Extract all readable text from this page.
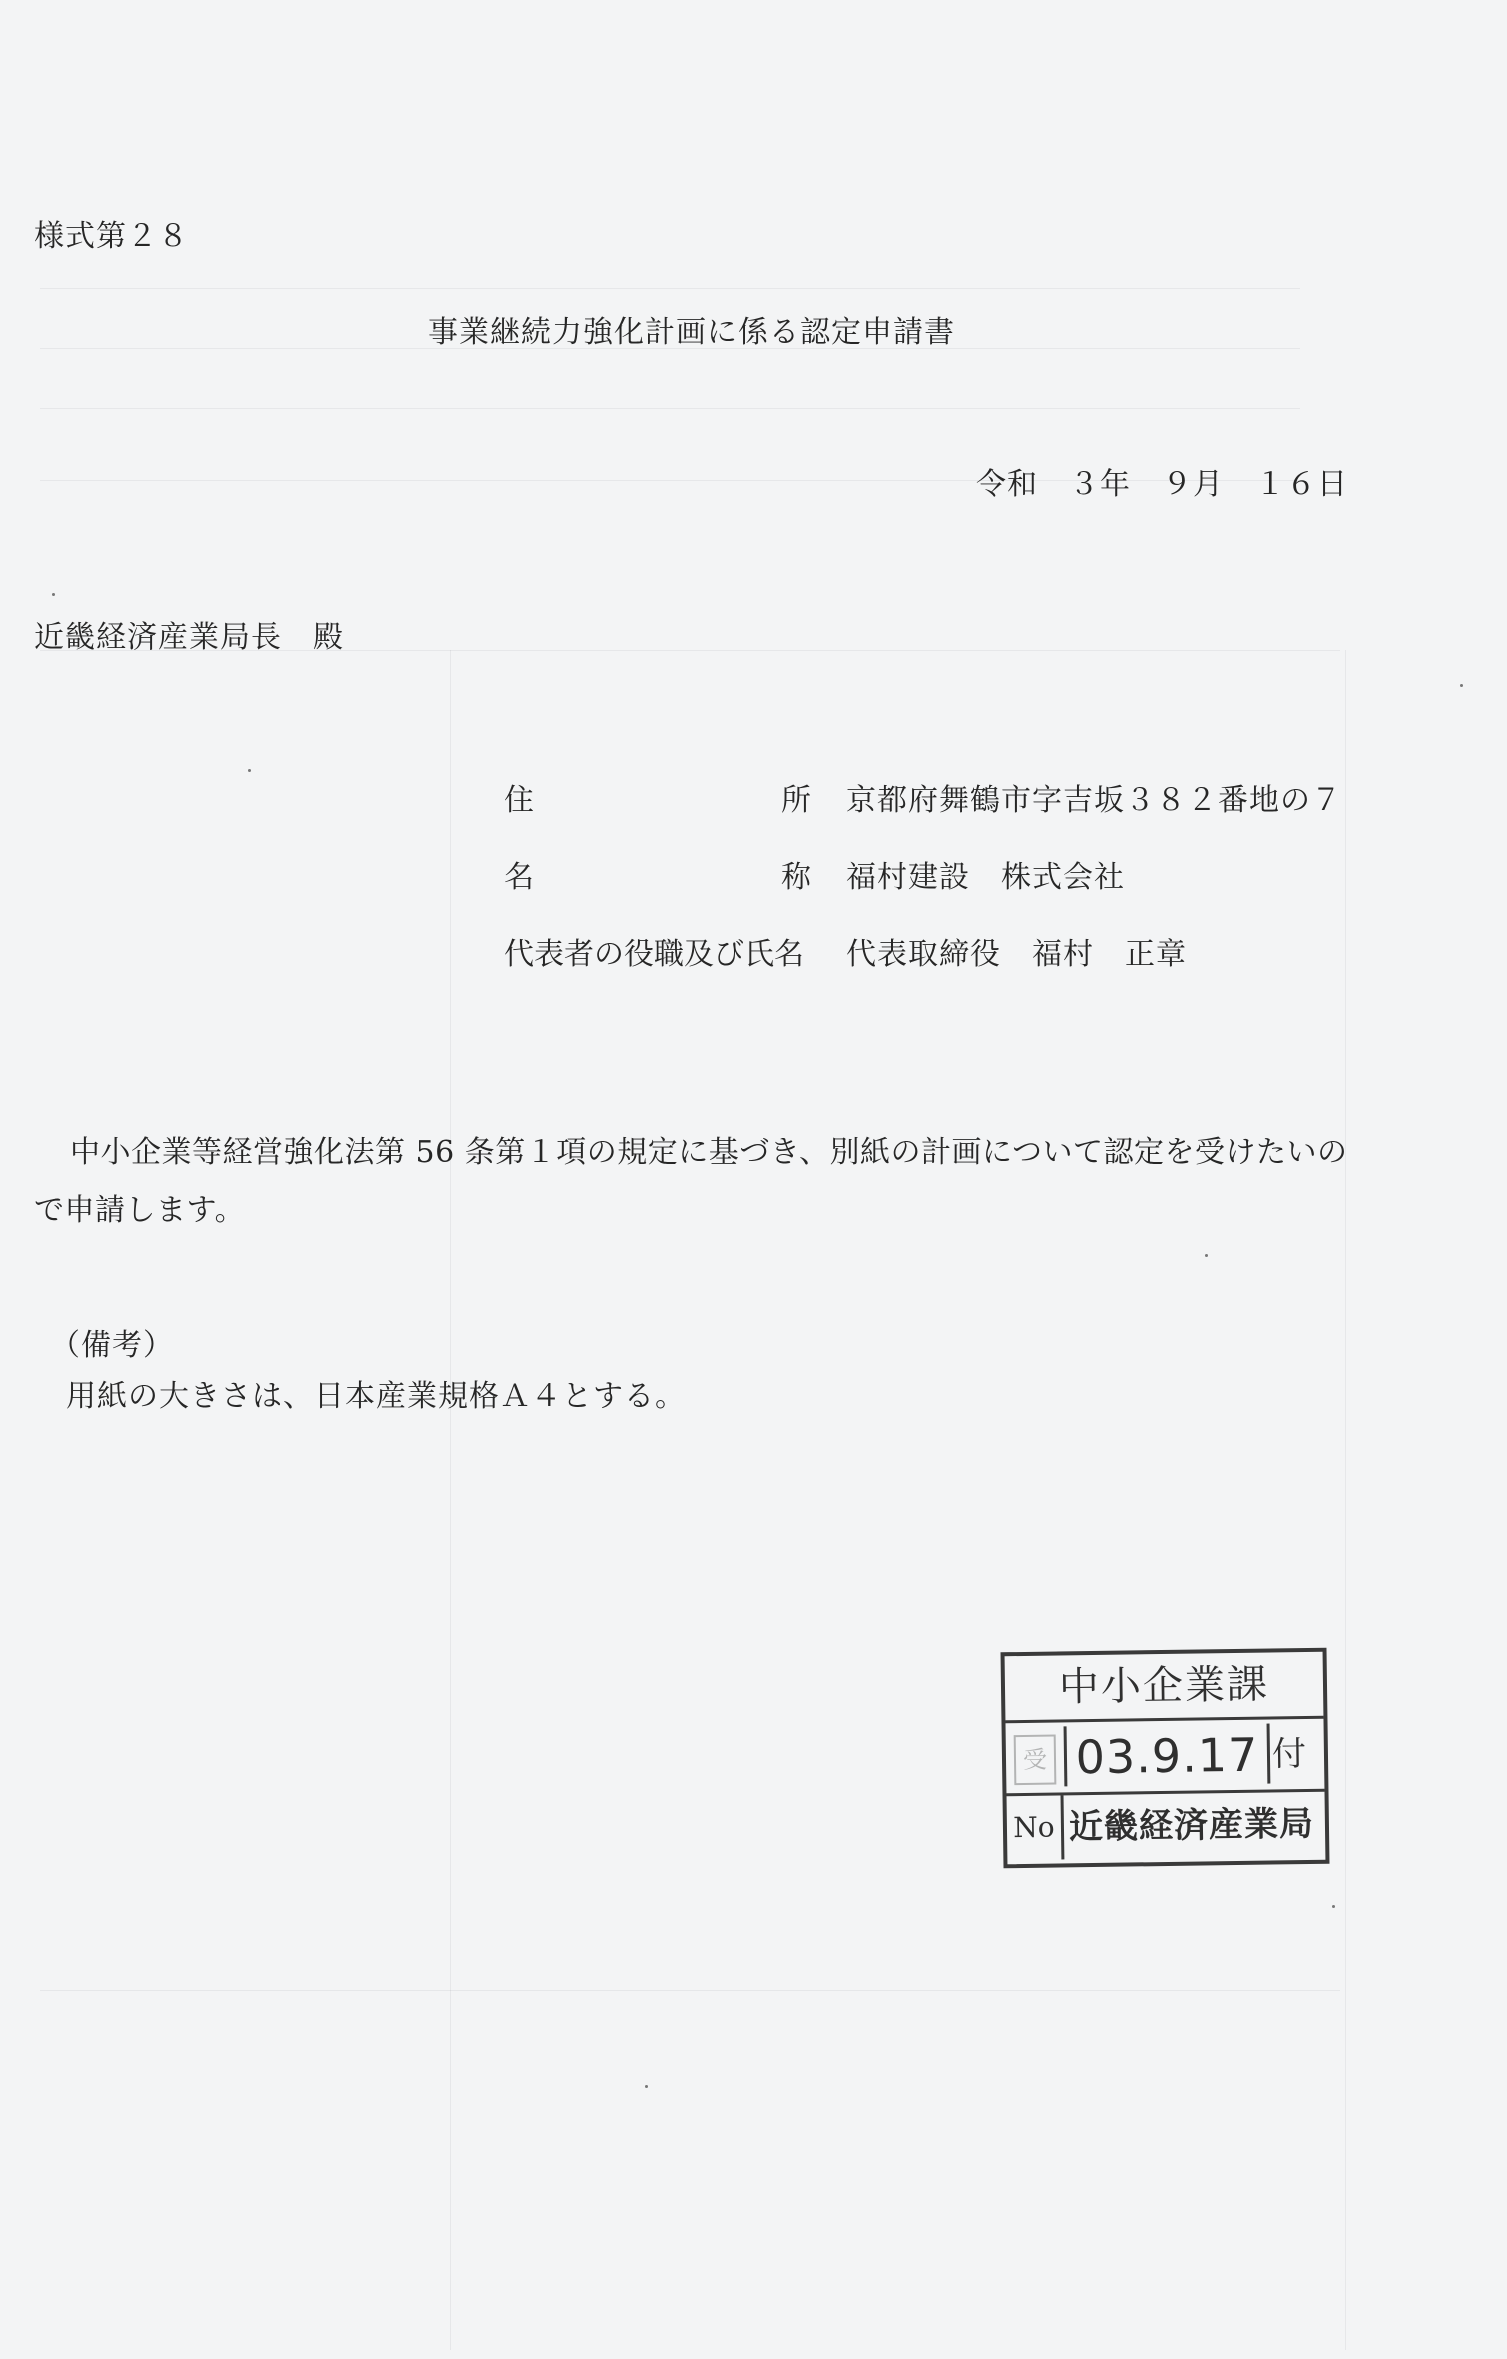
様式第２８
事業継続力強化計画に係る認定申請書
令和　３年　９月　１６日
近畿経済産業局長　殿
住	所 京都府舞鶴市字吉坂３８２番地の７
名	称 福村建設　株式会社
代表者の役職及び氏名 代表取締役　福村　正章
中小企業等経営強化法第 56 条第１項の規定に基づき、別紙の計画について認定を受けたいので申請します。
（備考）
用紙の大きさは、日本産業規格Ａ４とする。
中小企業課
受 03.9.17 付
No 近畿経済産業局
